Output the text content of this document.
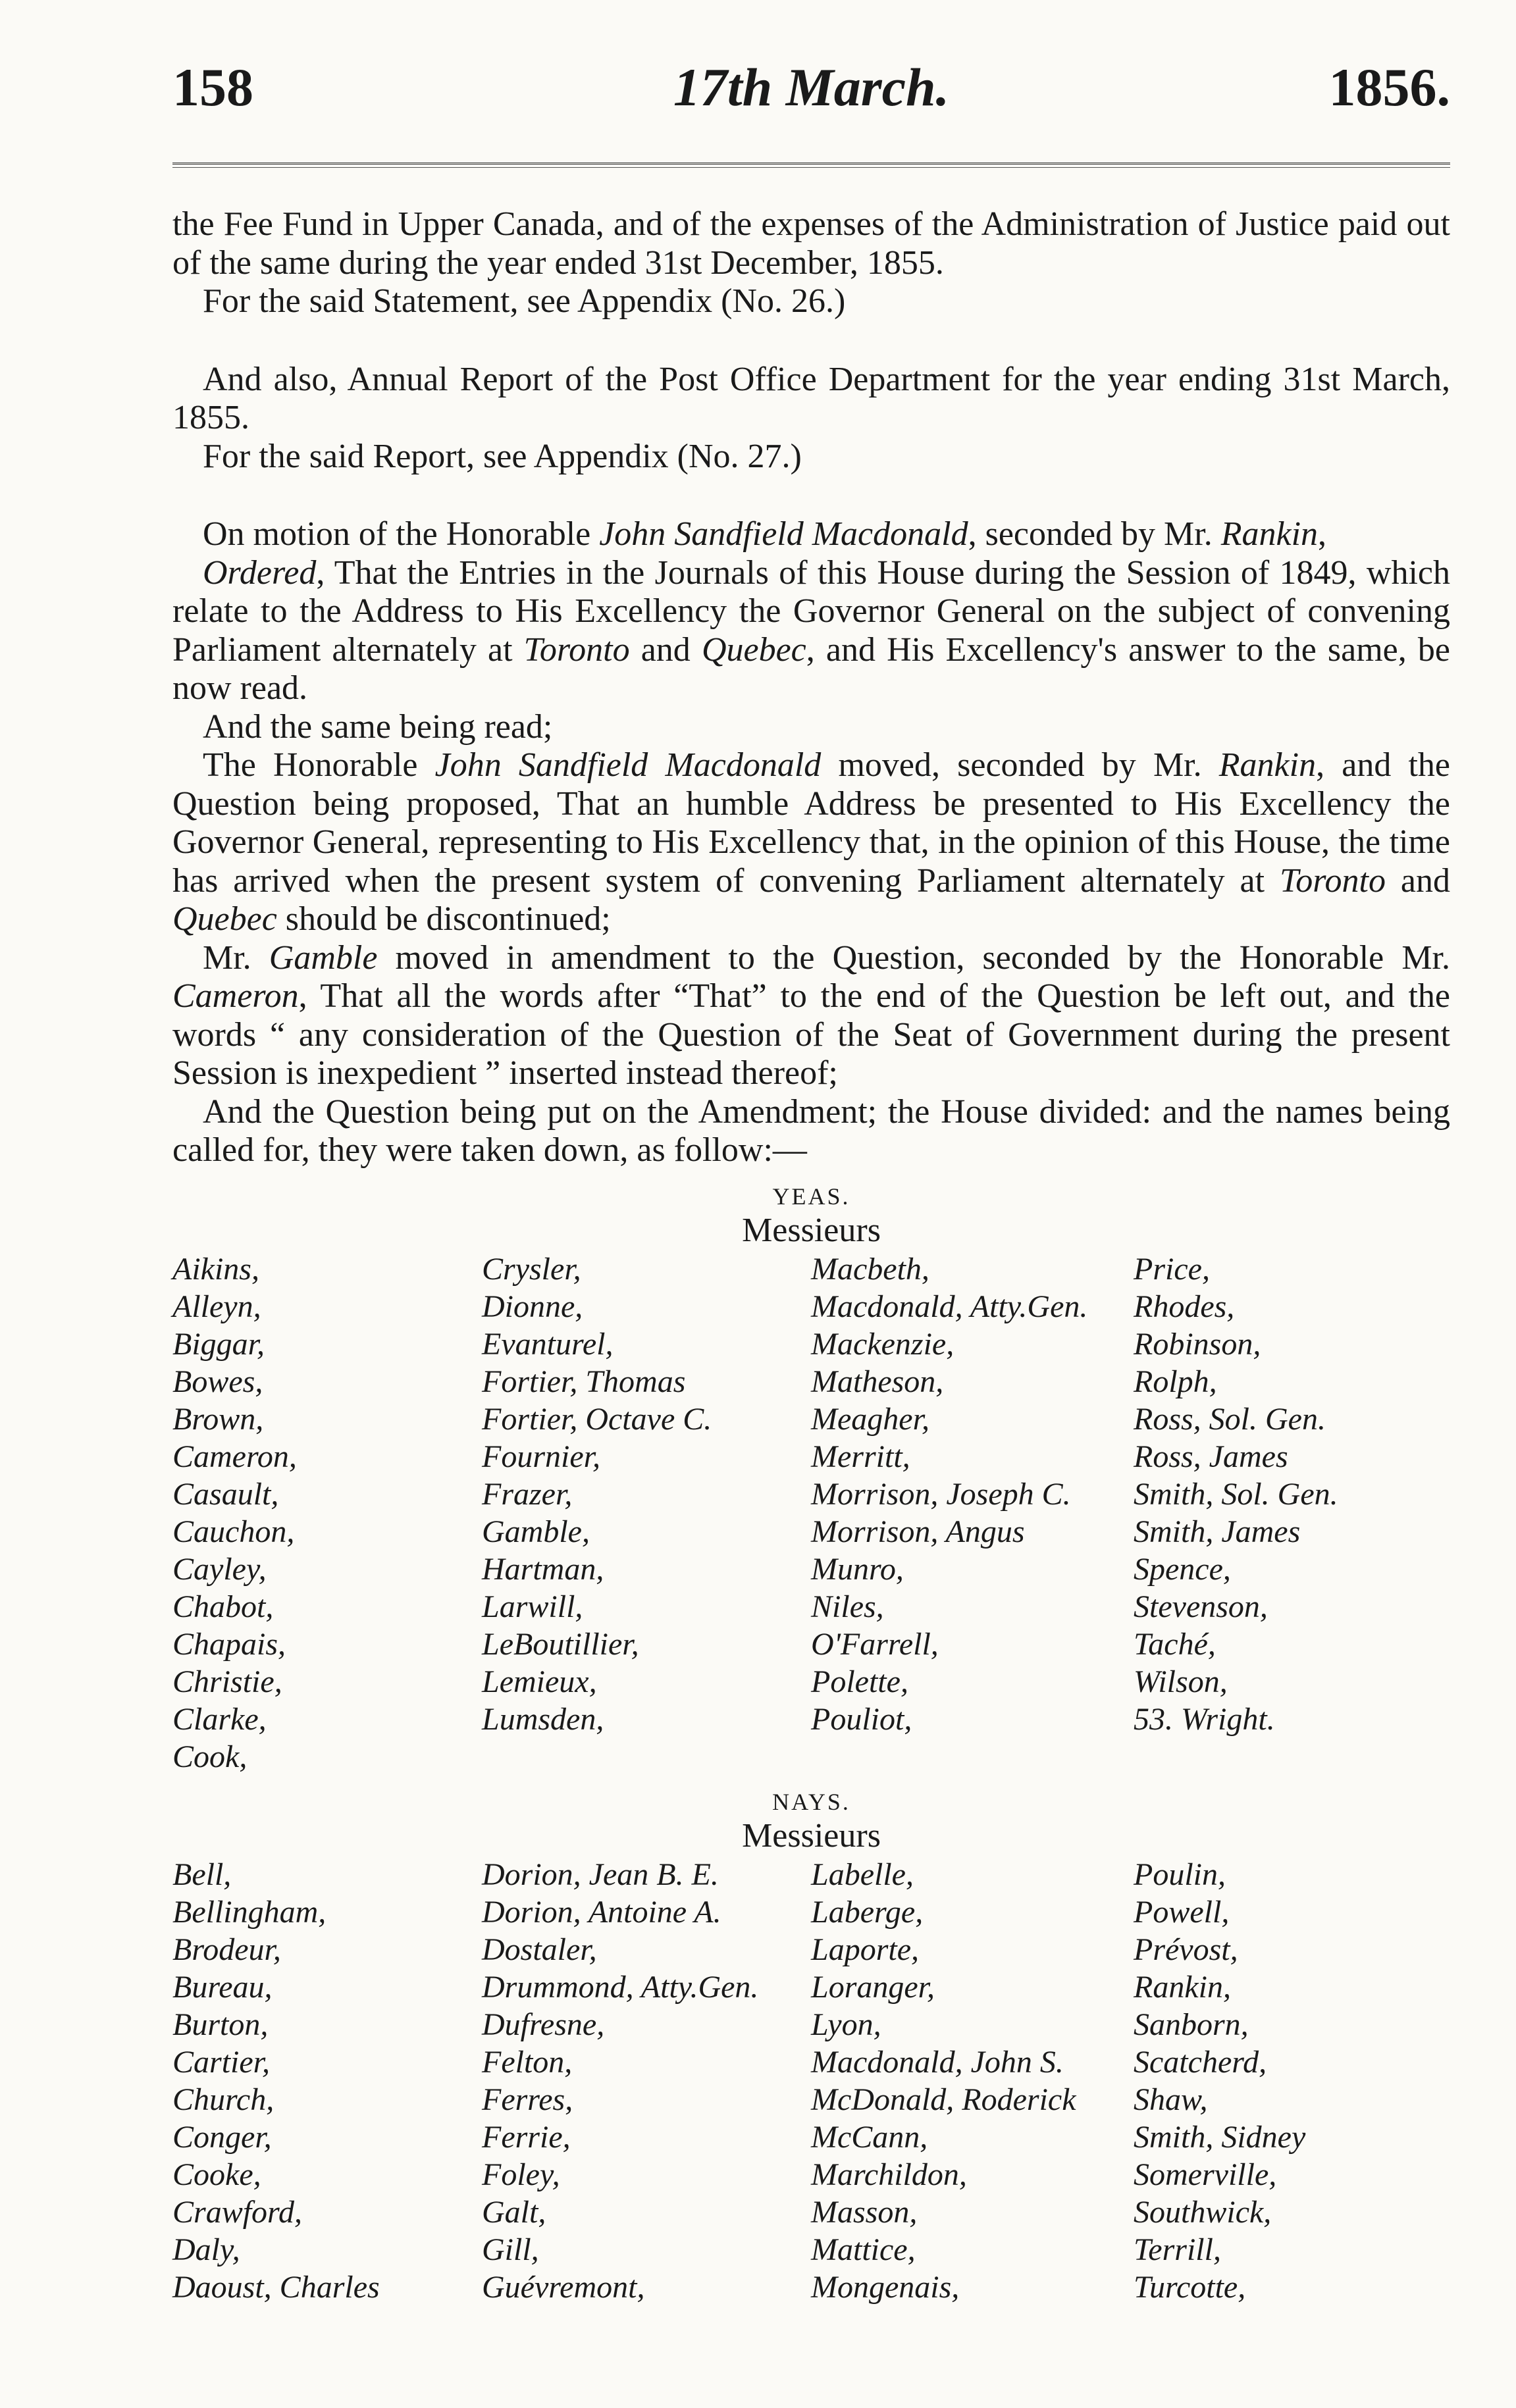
158	17th March.	1856.

the Fee Fund in Upper Canada, and of the expenses of the Administration of Justice paid out of the same during the year ended 31st December, 1855.

For the said Statement, see Appendix (No. 26.)

And also, Annual Report of the Post Office Department for the year ending 31st March, 1855.

For the said Report, see Appendix (No. 27.)

On motion of the Honorable John Sandfield Macdonald, seconded by Mr. Rankin,

Ordered, That the Entries in the Journals of this House during the Session of 1849, which relate to the Address to His Excellency the Governor General on the subject of convening Parliament alternately at Toronto and Quebec, and His Excellency's answer to the same, be now read.

And the same being read;

The Honorable John Sandfield Macdonald moved, seconded by Mr. Rankin, and the Question being proposed, That an humble Address be presented to His Excellency the Governor General, representing to His Excellency that, in the opinion of this House, the time has arrived when the present system of convening Parliament alternately at Toronto and Quebec should be discontinued;

Mr. Gamble moved in amendment to the Question, seconded by the Honorable Mr. Cameron, That all the words after “That” to the end of the Question be left out, and the words “ any consideration of the Question of the Seat of Government during the present Session is inexpedient ” inserted instead thereof;

And the Question being put on the Amendment; the House divided: and the names being called for, they were taken down, as follow:—

YEAS.
Messieurs
Aikins,	Crysler,	Macbeth,	Price,
Alleyn,	Dionne,	Macdonald, Atty.Gen.	Rhodes,
Biggar,	Evanturel,	Mackenzie,	Robinson,
Bowes,	Fortier, Thomas	Matheson,	Rolph,
Brown,	Fortier, Octave C.	Meagher,	Ross, Sol. Gen.
Cameron,	Fournier,	Merritt,	Ross, James
Casault,	Frazer,	Morrison, Joseph C.	Smith, Sol. Gen.
Cauchon,	Gamble,	Morrison, Angus	Smith, James
Cayley,	Hartman,	Munro,	Spence,
Chabot,	Larwill,	Niles,	Stevenson,
Chapais,	LeBoutillier,	O'Farrell,	Taché,
Christie,	Lemieux,	Polette,	Wilson,
Clarke,	Lumsden,	Pouliot,	53. Wright.
Cook,
NAYS.
Messieurs
Bell,	Dorion, Jean B. E.	Labelle,	Poulin,
Bellingham,	Dorion, Antoine A.	Laberge,	Powell,
Brodeur,	Dostaler,	Laporte,	Prévost,
Bureau,	Drummond, Atty.Gen.	Loranger,	Rankin,
Burton,	Dufresne,	Lyon,	Sanborn,
Cartier,	Felton,	Macdonald, John S.	Scatcherd,
Church,	Ferres,	McDonald, Roderick	Shaw,
Conger,	Ferrie,	McCann,	Smith, Sidney
Cooke,	Foley,	Marchildon,	Somerville,
Crawford,	Galt,	Masson,	Southwick,
Daly,	Gill,	Mattice,	Terrill,
Daoust, Charles	Guévremont,	Mongenais,	Turcotte,
